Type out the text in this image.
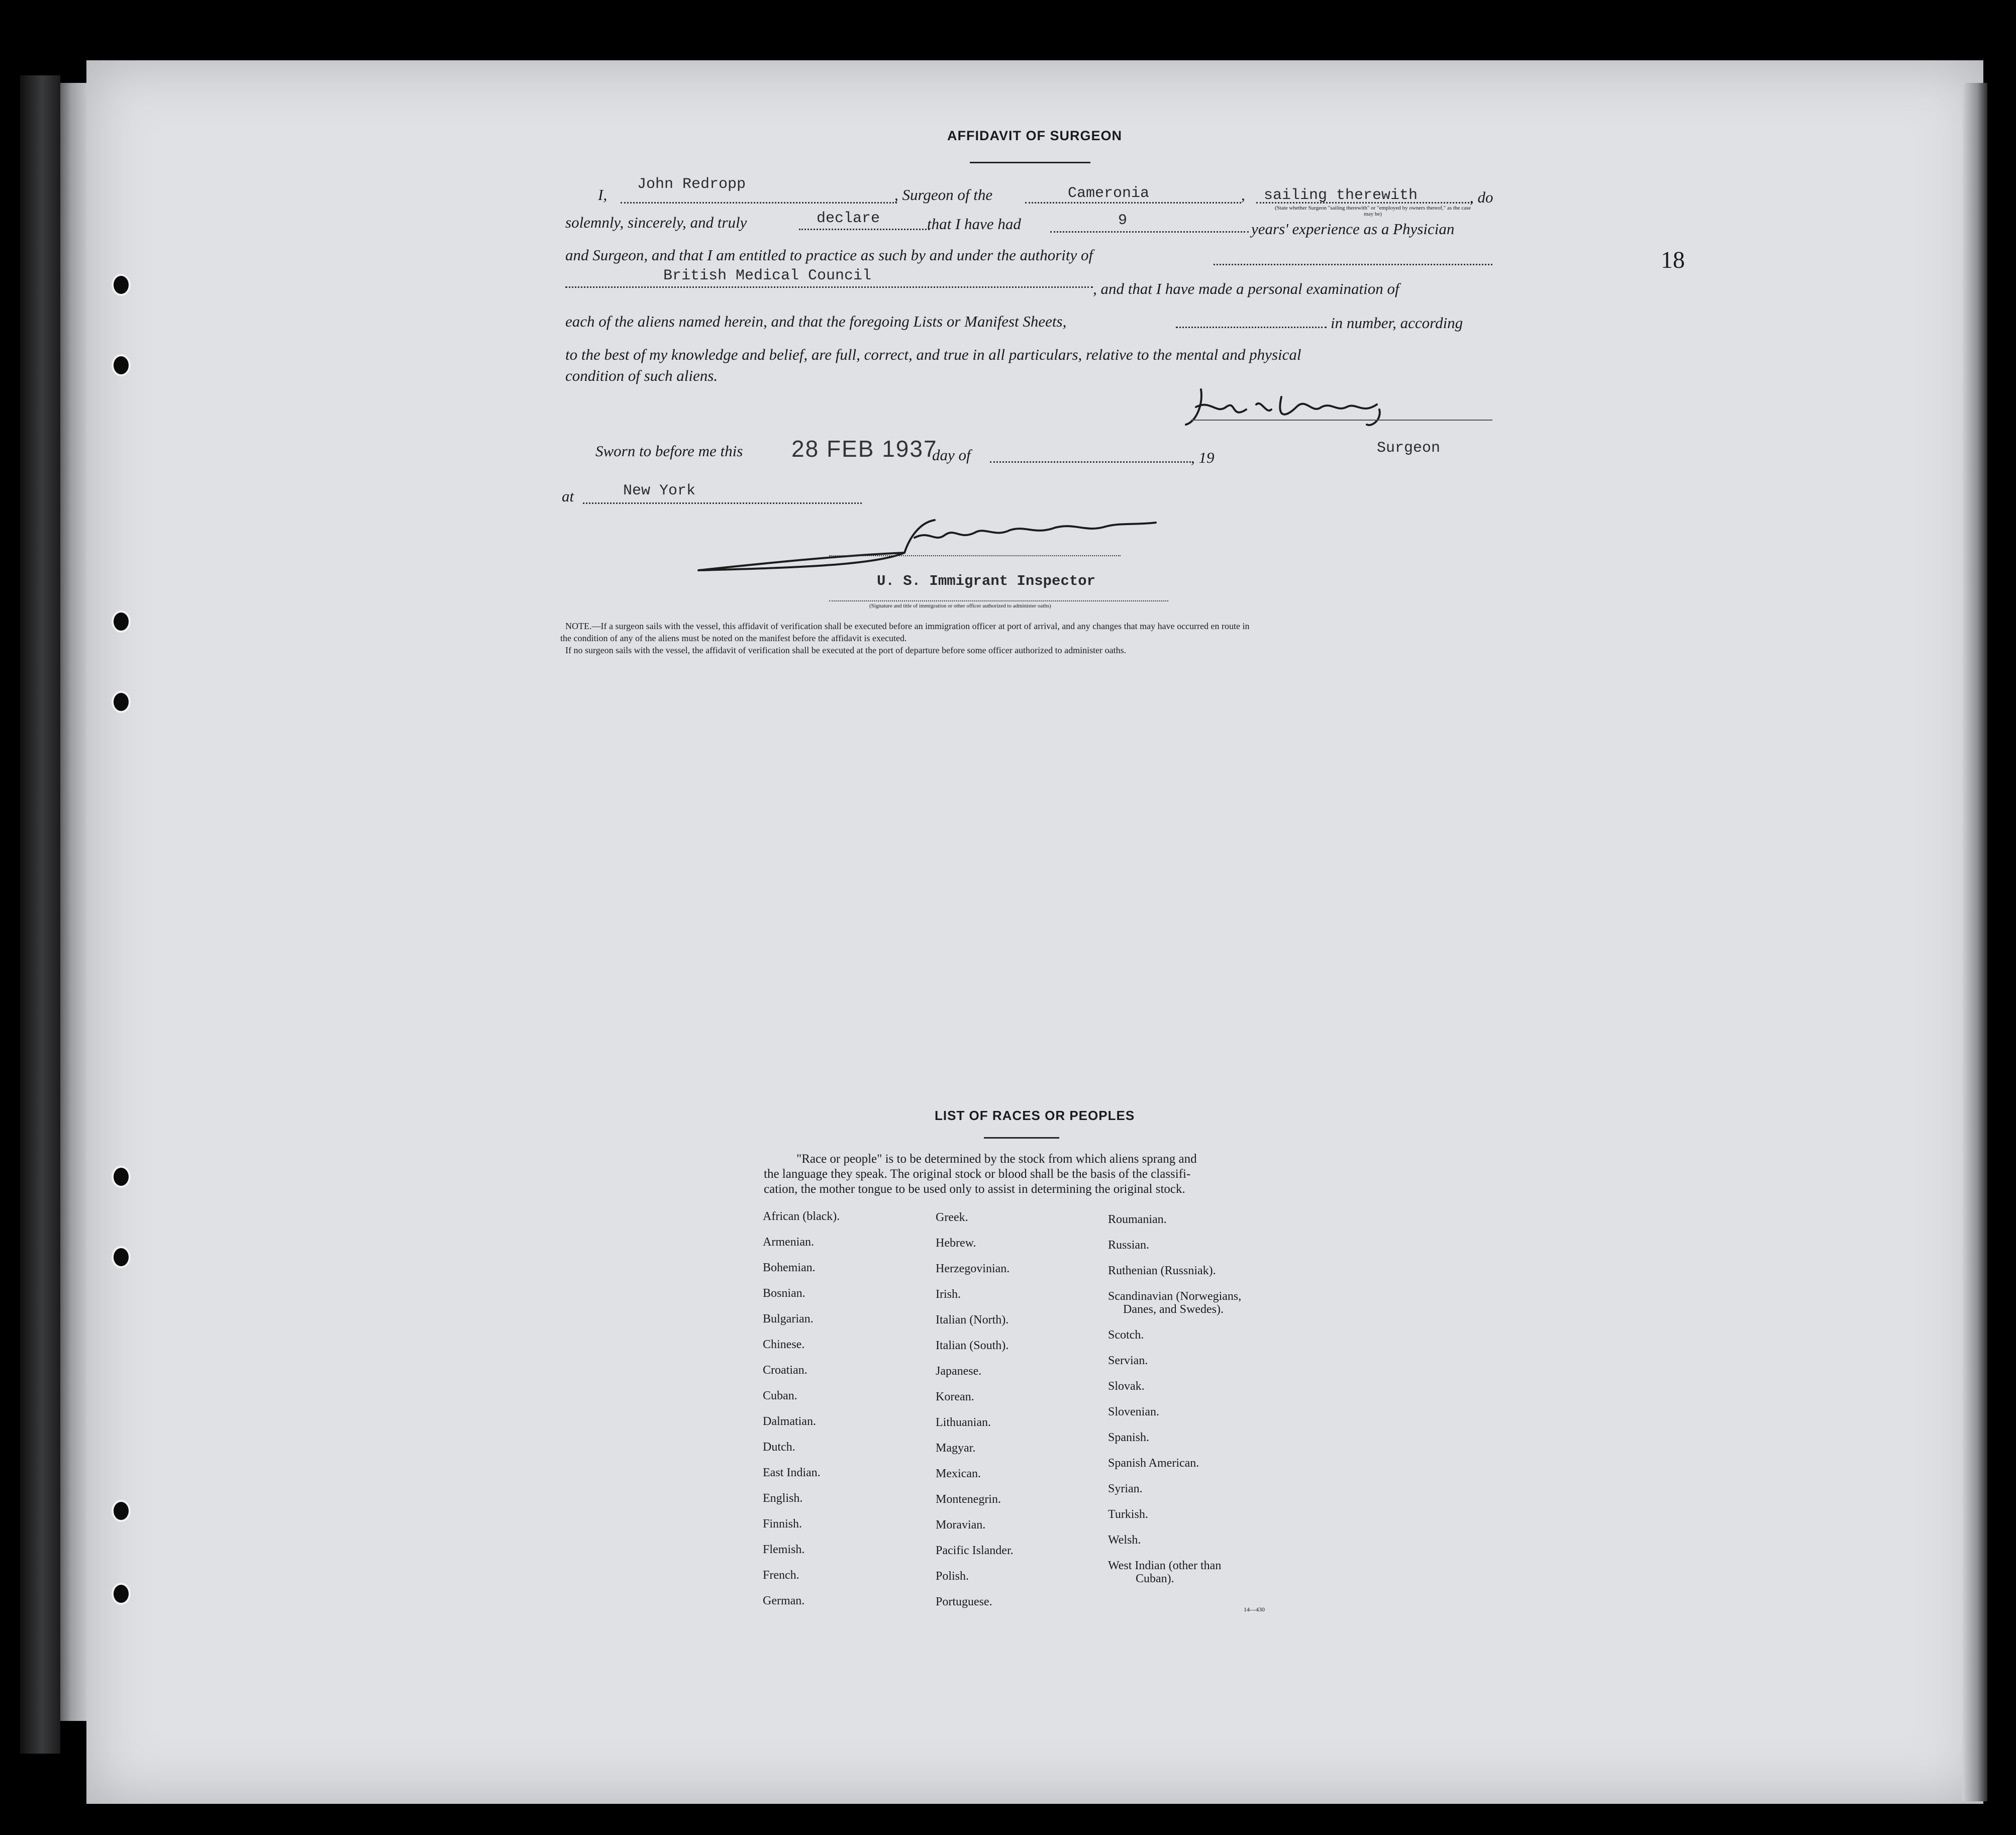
18
AFFIDAVIT OF SURGEON
I,
John Redropp
, Surgeon of the	Cameronia	, sailing therewith	, do
(State whether Surgeon "sailing therewith" or "employed by owners thereof," as the case may be)
solemnly, sincerely, and truly	declare	that I have had	9	years' experience as a Physician
and Surgeon, and that I am entitled to practice as such by and under the authority of
British Medical Council
, and that I have made a personal examination of
each of the aliens named herein, and that the foregoing Lists or Manifest Sheets,	in number, according
to the best of my knowledge and belief, are full, correct, and true in all particulars, relative to the mental and physical
condition of such aliens.
Surgeon
Sworn to before me this 28 FEB 1937
day of	, 19
at	New York
U. S. Immigrant Inspector
(Signature and title of immigration or other officer authorized to administer oaths)
NOTE.—If a surgeon sails with the vessel, this affidavit of verification shall be executed before an immigration officer at port of arrival, and any changes that may have occurred en route in
the condition of any of the aliens must be noted on the manifest before the affidavit is executed.
If no surgeon sails with the vessel, the affidavit of verification shall be executed at the port of departure before some officer authorized to administer oaths.
LIST OF RACES OR PEOPLES
"Race or people" is to be determined by the stock from which aliens sprang and
the language they speak. The original stock or blood shall be the basis of the classifi-
cation, the mother tongue to be used only to assist in determining the original stock.
African (black).
Armenian.
Bohemian.
Bosnian.
Bulgarian.
Chinese.
Croatian.
Cuban.
Dalmatian.
Dutch.
East Indian.
English.
Finnish.
Flemish.
French.
German.
Greek.
Hebrew.
Herzegovinian.
Irish.
Italian (North).
Italian (South).
Japanese.
Korean.
Lithuanian.
Magyar.
Mexican.
Montenegrin.
Moravian.
Pacific Islander.
Polish.
Portuguese.
Roumanian.
Russian.
Ruthenian (Russniak).
Scandinavian (Norwegians,
Danes, and Swedes).
Scotch.
Servian.
Slovak.
Slovenian.
Spanish.
Spanish American.
Syrian.
Turkish.
Welsh.
West Indian (other than
Cuban).
14—430
